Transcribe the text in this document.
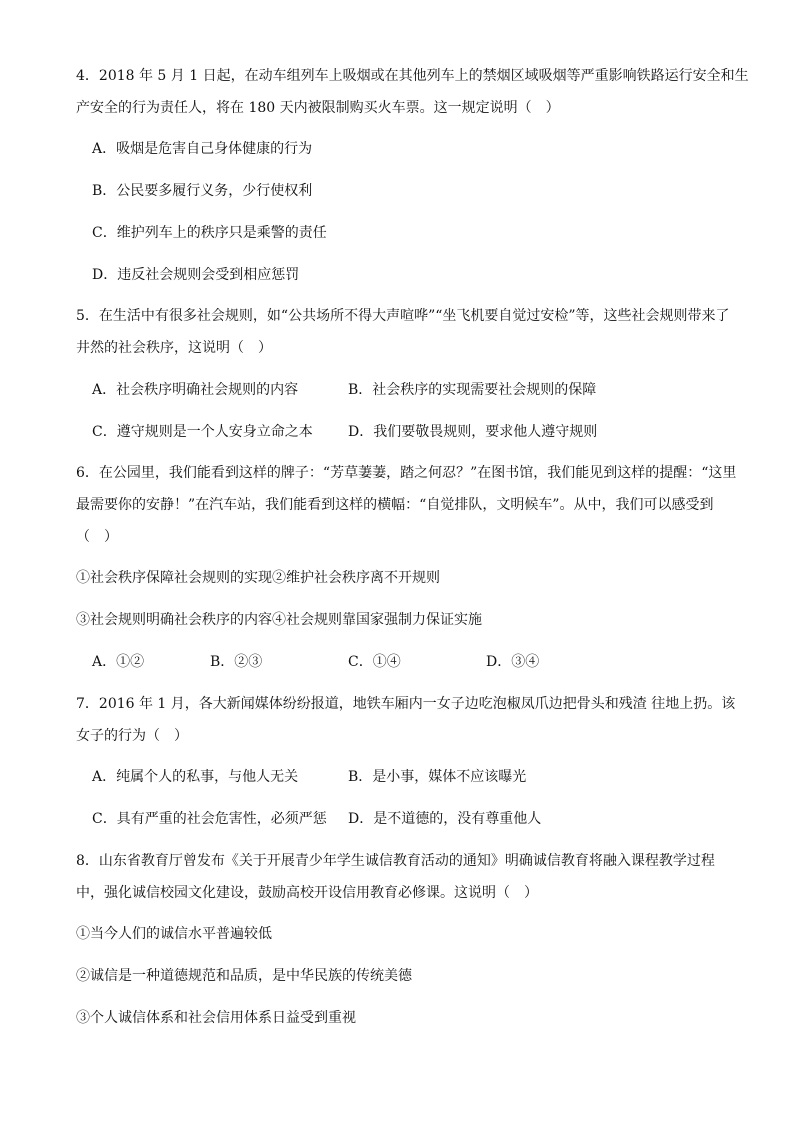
4．2018 年 5 月 1 日起，在动车组列车上吸烟或在其他列车上的禁烟区域吸烟等严重影响铁路运行安全和生
产安全的行为责任人，将在 180 天内被限制购买火车票。这一规定说明（　）
A．吸烟是危害自己身体健康的行为
B．公民要多履行义务，少行使权利
C．维护列车上的秩序只是乘警的责任
D．违反社会规则会受到相应惩罚
5．在生活中有很多社会规则，如“公共场所不得大声喧哗”“坐飞机要自觉过安检”等，这些社会规则带来了
井然的社会秩序，这说明（　）
A．社会秩序明确社会规则的内容	B．社会秩序的实现需要社会规则的保障
C．遵守规则是一个人安身立命之本	D．我们要敬畏规则，要求他人遵守规则
6．在公园里，我们能看到这样的牌子：“芳草萋萋，踏之何忍？”在图书馆，我们能见到这样的提醒：“这里
最需要你的安静！”在汽车站，我们能看到这样的横幅：“自觉排队，文明候车”。从中，我们可以感受到
（　）
①社会秩序保障社会规则的实现②维护社会秩序离不开规则
③社会规则明确社会秩序的内容④社会规则靠国家强制力保证实施
A．①②	B．②③	C．①④	D．③④
7．2016 年 1 月，各大新闻媒体纷纷报道，地铁车厢内一女子边吃泡椒凤爪边把骨头和残渣 往地上扔。该
女子的行为（　）
A．纯属个人的私事，与他人无关	B．是小事，媒体不应该曝光
C．具有严重的社会危害性，必须严惩 D．是不道德的，没有尊重他人
8．山东省教育厅曾发布《关于开展青少年学生诚信教育活动的通知》明确诚信教育将融入课程教学过程
中，强化诚信校园文化建设，鼓励高校开设信用教育必修课。这说明（　）
①当今人们的诚信水平普遍较低
②诚信是一种道德规范和品质，是中华民族的传统美德
③个人诚信体系和社会信用体系日益受到重视
